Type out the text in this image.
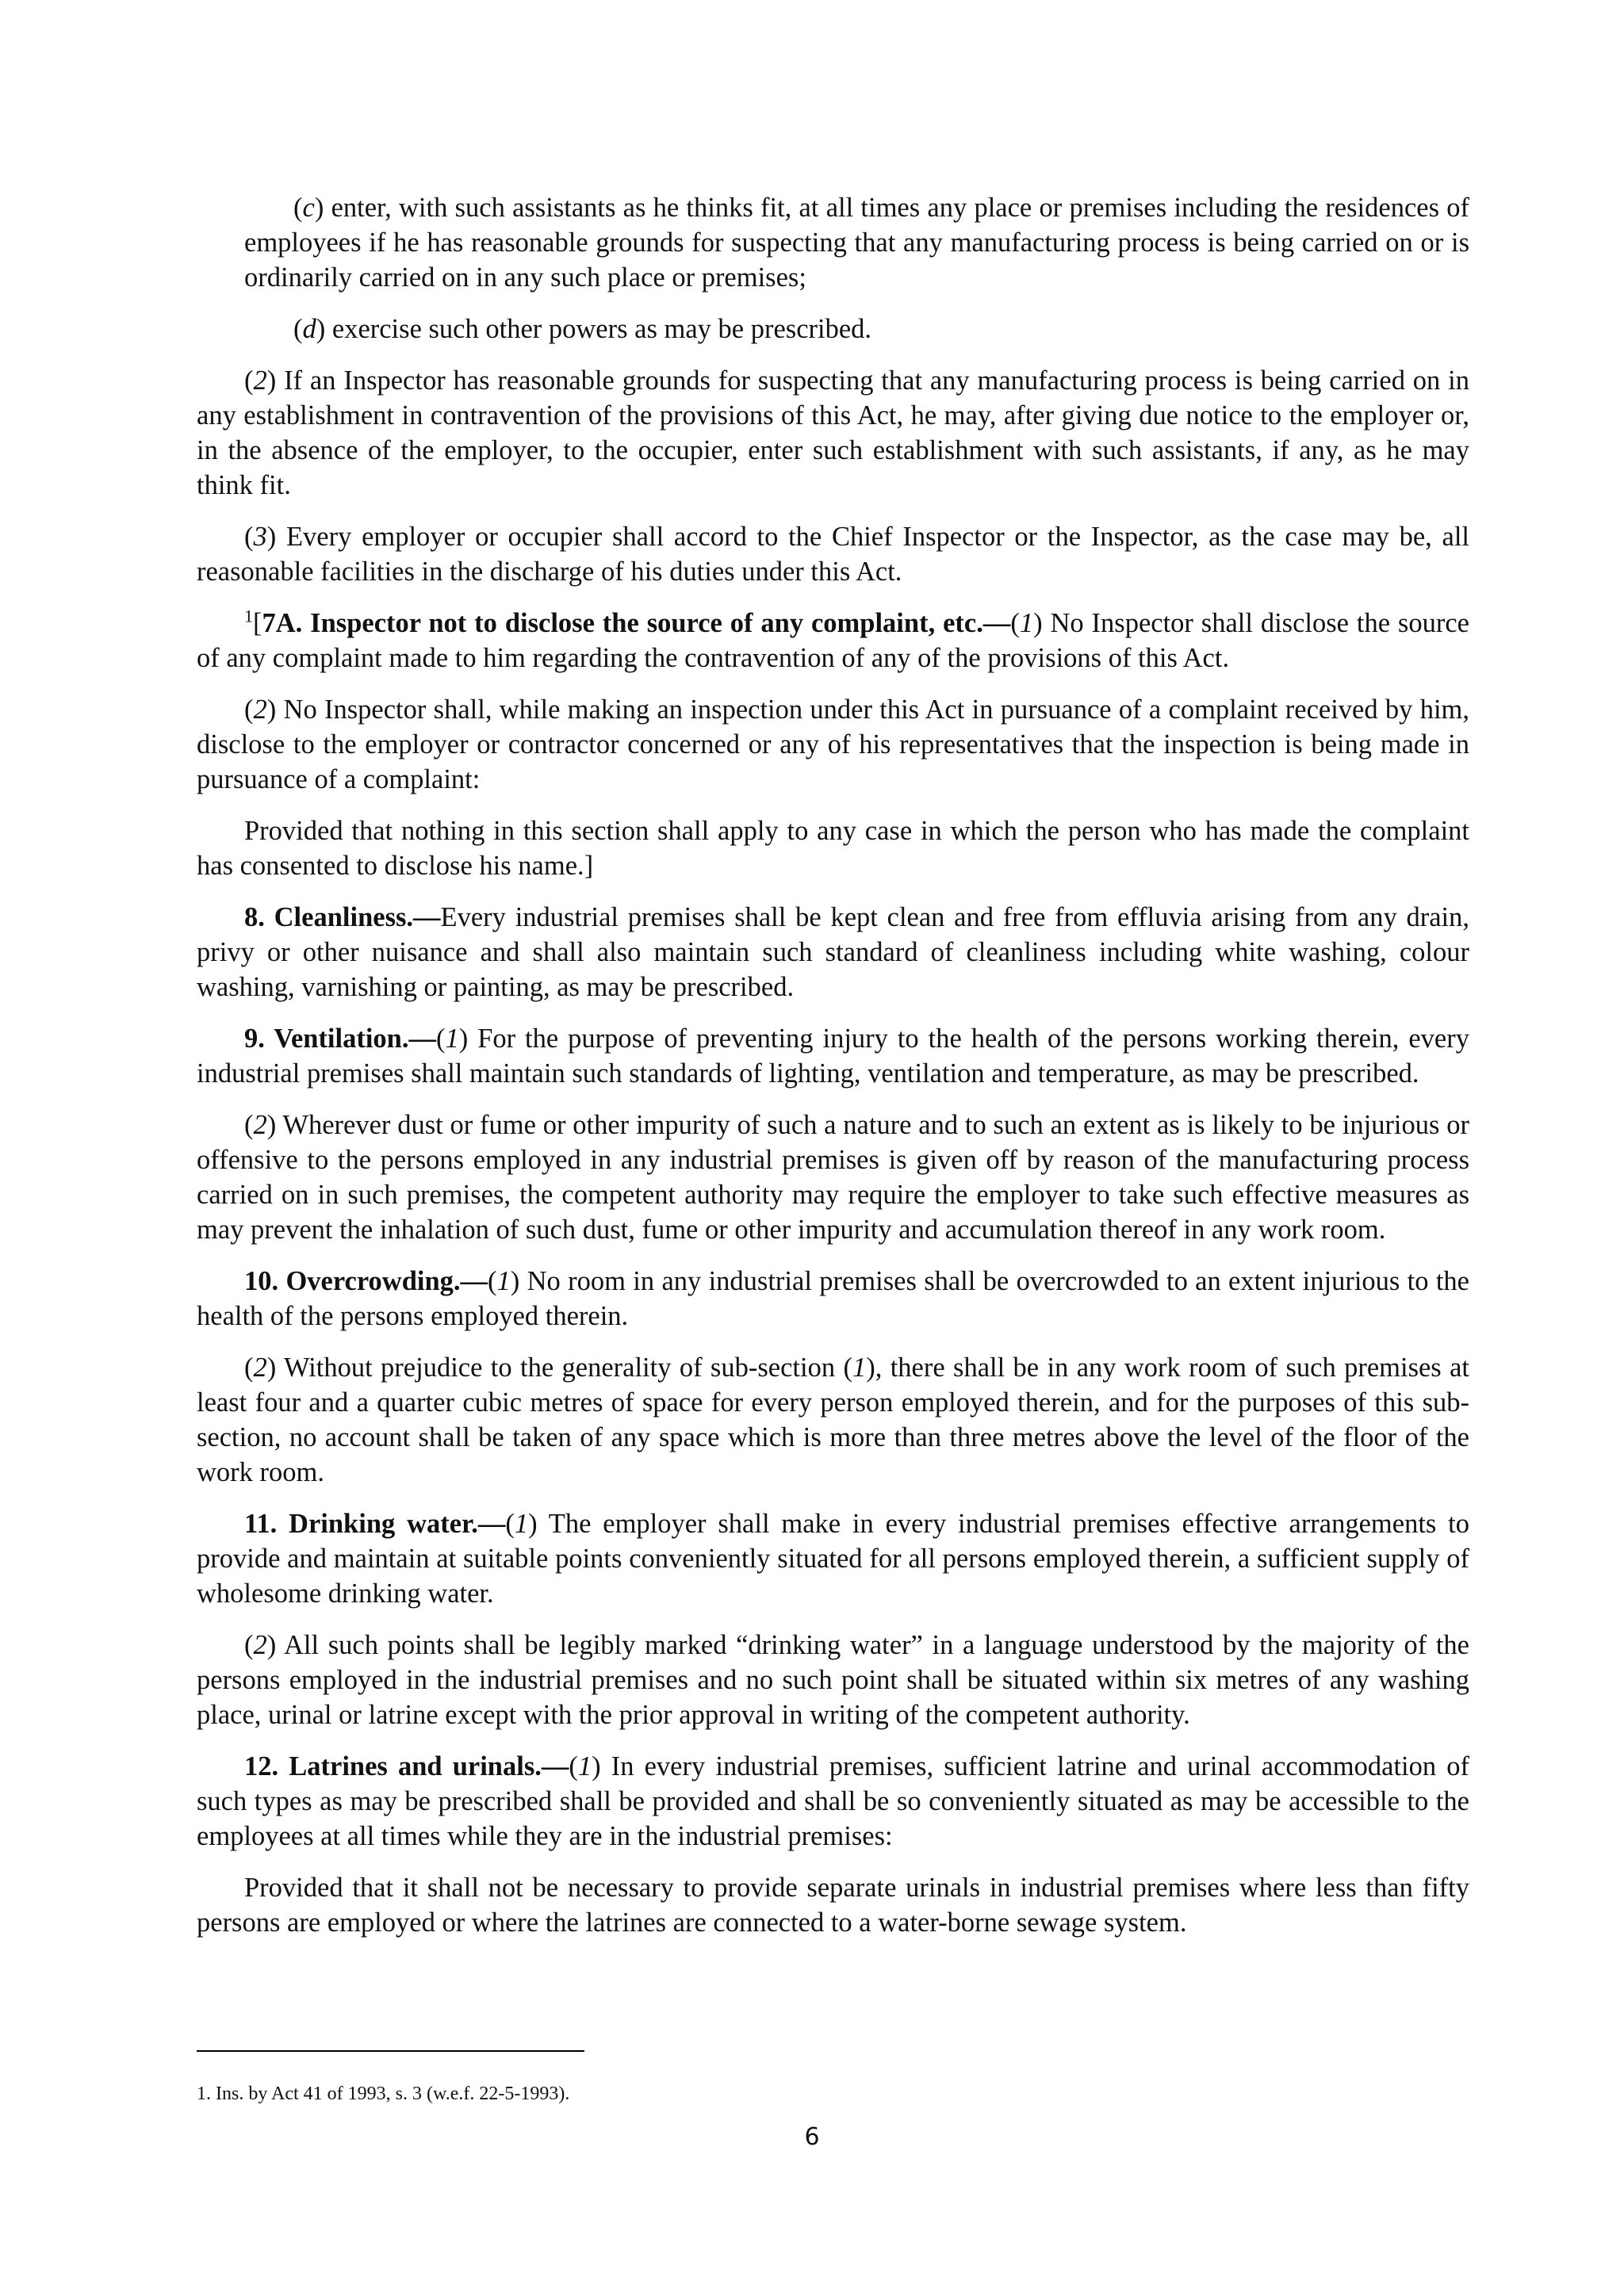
(c) enter, with such assistants as he thinks fit, at all times any place or premises including the residences of employees if he has reasonable grounds for suspecting that any manufacturing process is being carried on or is ordinarily carried on in any such place or premises;

(d) exercise such other powers as may be prescribed.

(2) If an Inspector has reasonable grounds for suspecting that any manufacturing process is being carried on in any establishment in contravention of the provisions of this Act, he may, after giving due notice to the employer or, in the absence of the employer, to the occupier, enter such establishment with such assistants, if any, as he may think fit.

(3) Every employer or occupier shall accord to the Chief Inspector or the Inspector, as the case may be, all reasonable facilities in the discharge of his duties under this Act.

$^1$[7A. Inspector not to disclose the source of any complaint, etc.—(1) No Inspector shall disclose the source of any complaint made to him regarding the contravention of any of the provisions of this Act.

(2) No Inspector shall, while making an inspection under this Act in pursuance of a complaint received by him, disclose to the employer or contractor concerned or any of his representatives that the inspection is being made in pursuance of a complaint:

Provided that nothing in this section shall apply to any case in which the person who has made the complaint has consented to disclose his name.]

8. Cleanliness.—Every industrial premises shall be kept clean and free from effluvia arising from any drain, privy or other nuisance and shall also maintain such standard of cleanliness including white washing, colour washing, varnishing or painting, as may be prescribed.

9. Ventilation.—(1) For the purpose of preventing injury to the health of the persons working therein, every industrial premises shall maintain such standards of lighting, ventilation and temperature, as may be prescribed.

(2) Wherever dust or fume or other impurity of such a nature and to such an extent as is likely to be injurious or offensive to the persons employed in any industrial premises is given off by reason of the manufacturing process carried on in such premises, the competent authority may require the employer to take such effective measures as may prevent the inhalation of such dust, fume or other impurity and accumulation thereof in any work room.

10. Overcrowding.—(1) No room in any industrial premises shall be overcrowded to an extent injurious to the health of the persons employed therein.

(2) Without prejudice to the generality of sub-section (1), there shall be in any work room of such premises at least four and a quarter cubic metres of space for every person employed therein, and for the purposes of this sub-section, no account shall be taken of any space which is more than three metres above the level of the floor of the work room.

11. Drinking water.—(1) The employer shall make in every industrial premises effective arrangements to provide and maintain at suitable points conveniently situated for all persons employed therein, a sufficient supply of wholesome drinking water.

(2) All such points shall be legibly marked “drinking water” in a language understood by the majority of the persons employed in the industrial premises and no such point shall be situated within six metres of any washing place, urinal or latrine except with the prior approval in writing of the competent authority.

12. Latrines and urinals.—(1) In every industrial premises, sufficient latrine and urinal accommodation of such types as may be prescribed shall be provided and shall be so conveniently situated as may be accessible to the employees at all times while they are in the industrial premises:

Provided that it shall not be necessary to provide separate urinals in industrial premises where less than fifty persons are employed or where the latrines are connected to a water-borne sewage system.

1. Ins. by Act 41 of 1993, s. 3 (w.e.f. 22-5-1993).
6
